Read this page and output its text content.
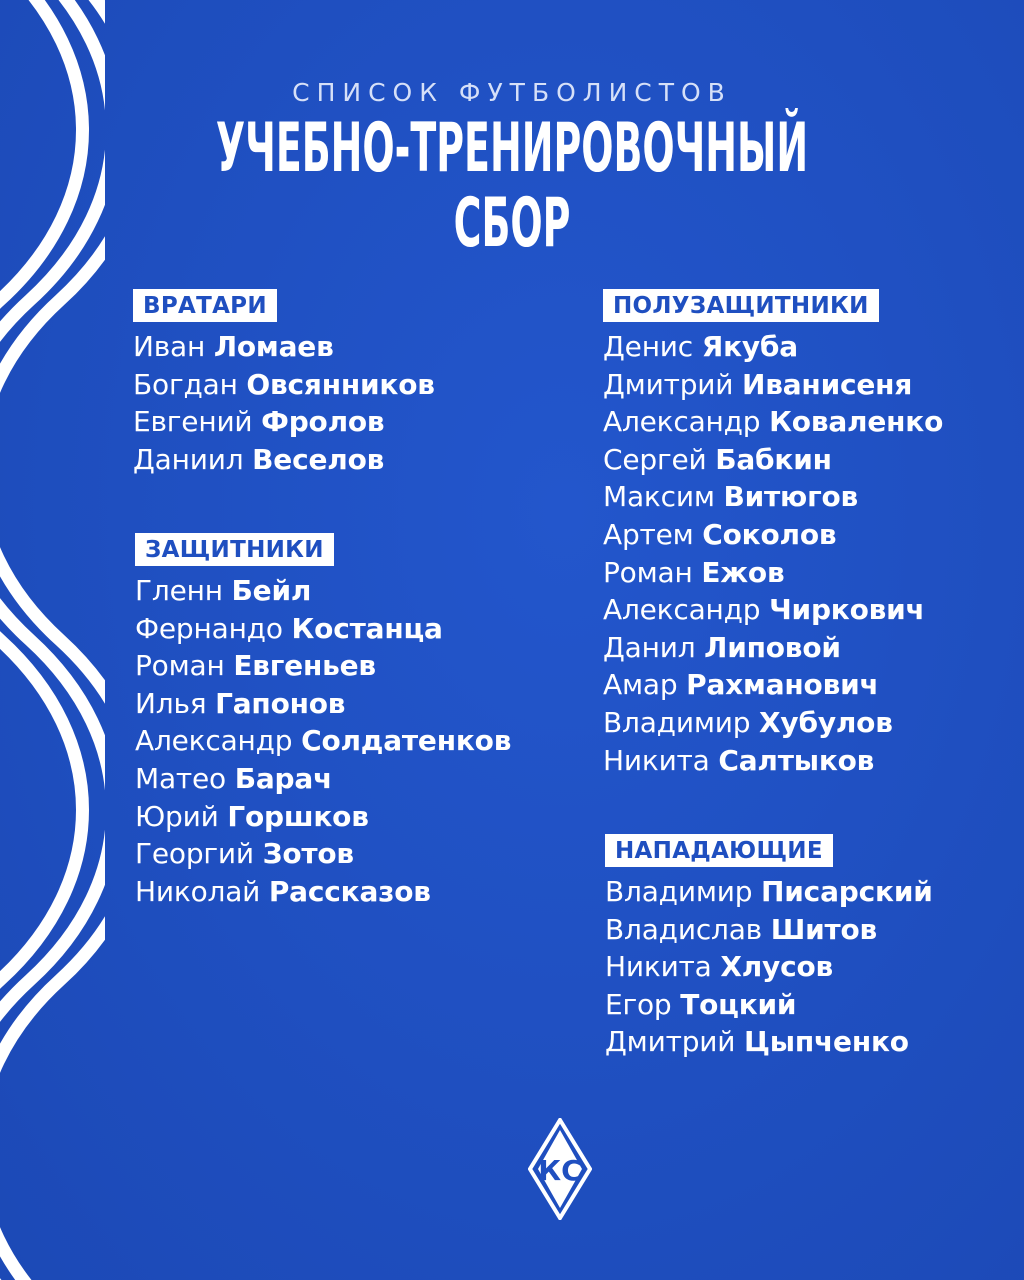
СПИСОК ФУТБОЛИСТОВ
УЧЕБНО-ТРЕНИРОВОЧНЫЙ СБОР
ВРАТАРИ
Иван Ломаев
Богдан Овсянников
Евгений Фролов
Даниил Веселов
ЗАЩИТНИКИ
Гленн Бейл
Фернандо Костанца
Роман Евгеньев
Илья Гапонов
Александр Солдатенков
Матео Барач
Юрий Горшков
Георгий Зотов
Николай Рассказов
ПОЛУЗАЩИТНИКИ
Денис Якуба
Дмитрий Иванисеня
Александр Коваленко
Сергей Бабкин
Максим Витюгов
Артем Соколов
Роман Ежов
Александр Чиркович
Данил Липовой
Амар Рахманович
Владимир Хубулов
Никита Салтыков
НАПАДАЮЩИЕ
Владимир Писарский
Владислав Шитов
Никита Хлусов
Егор Тоцкий
Дмитрий Цыпченко
КС
